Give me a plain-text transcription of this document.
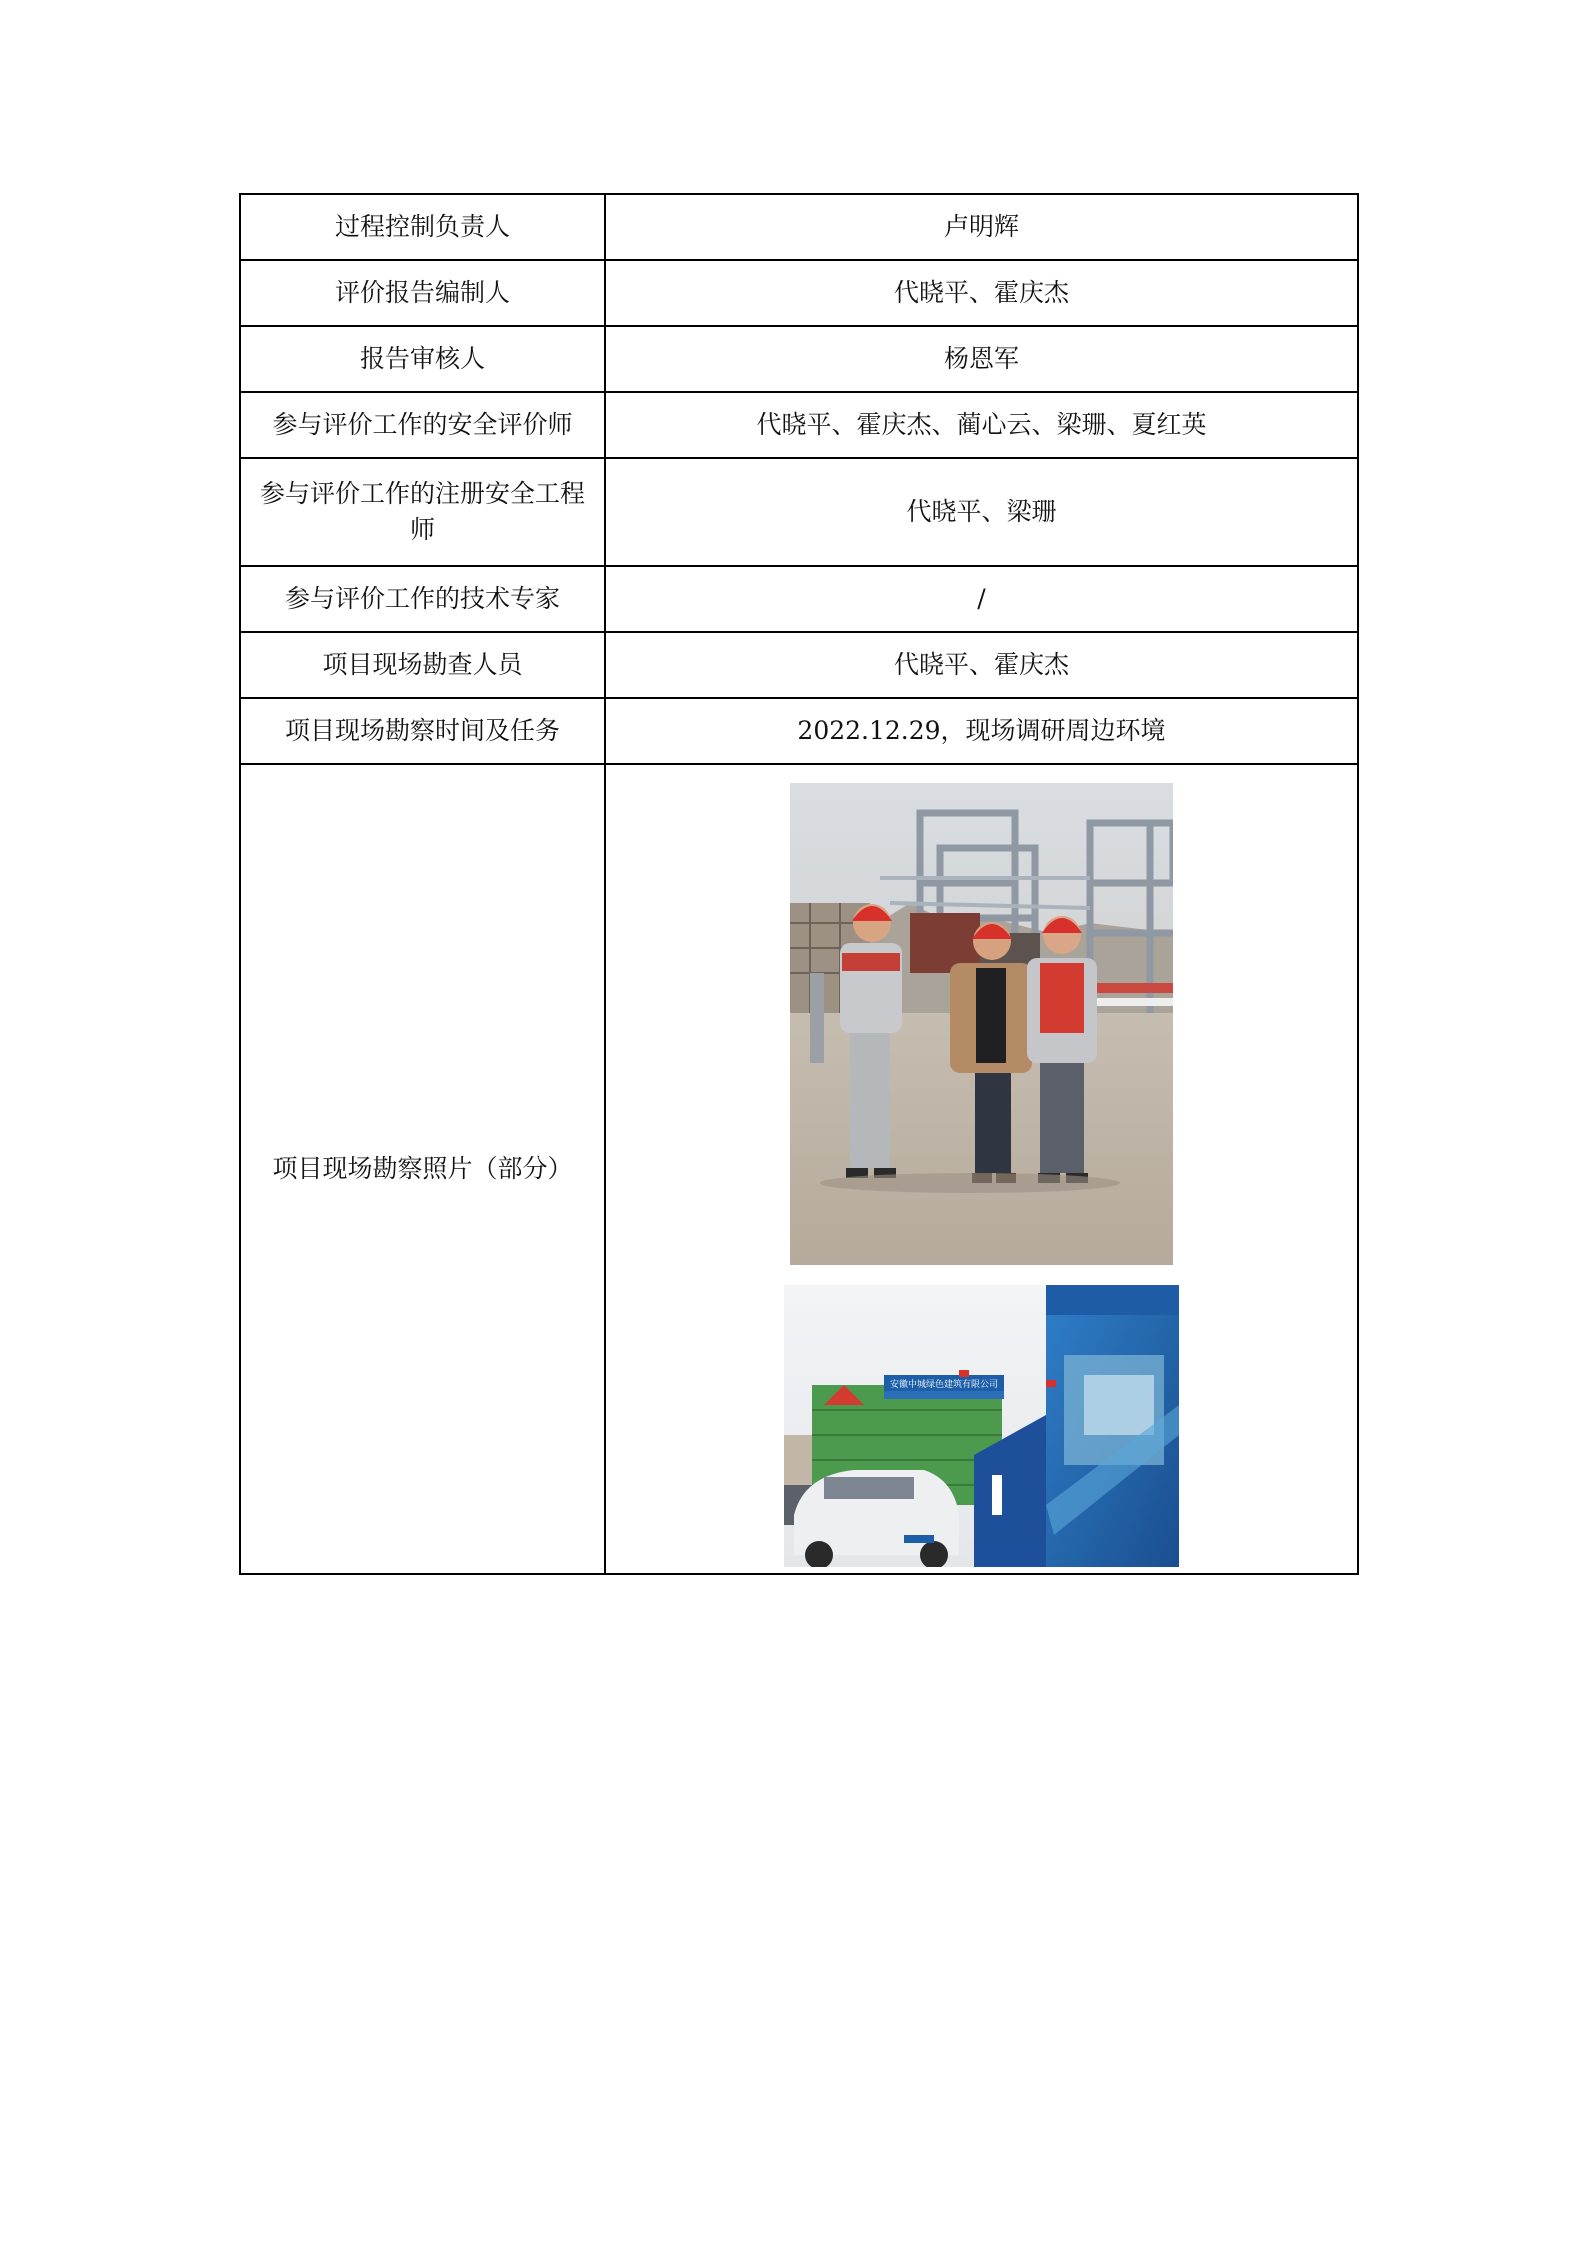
过程控制负责人	卢明辉
评价报告编制人	代晓平、霍庆杰
报告审核人	杨恩军
参与评价工作的安全评价师	代晓平、霍庆杰、蔺心云、梁珊、夏红英
参与评价工作的注册安全工程师	代晓平、梁珊
参与评价工作的技术专家	/
项目现场勘查人员	代晓平、霍庆杰
项目现场勘察时间及任务	2022.12.29，现场调研周边环境
项目现场勘察照片（部分）	安徽中城绿色建筑有限公司
